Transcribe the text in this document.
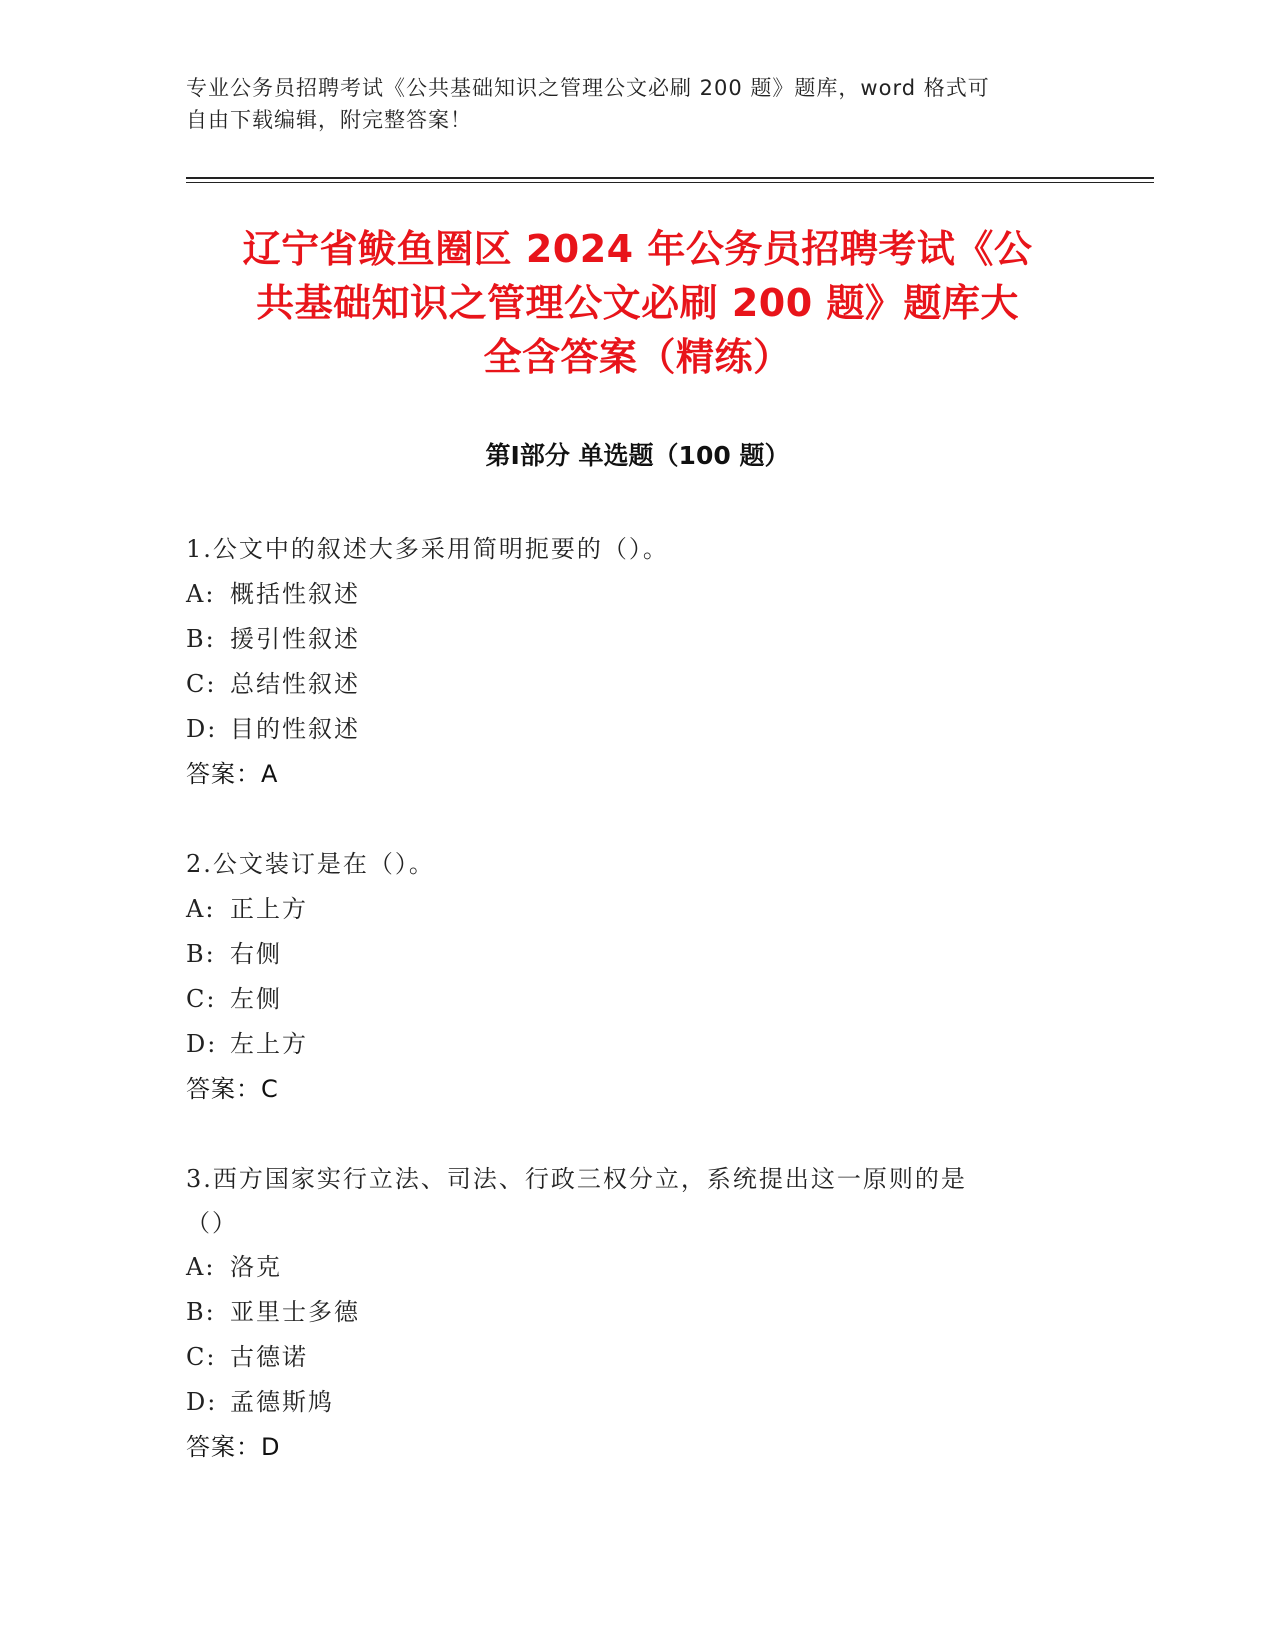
专业公务员招聘考试《公共基础知识之管理公文必刷 200 题》题库，word 格式可
自由下载编辑，附完整答案！
辽宁省鲅鱼圈区 2024 年公务员招聘考试《公
共基础知识之管理公文必刷 200 题》题库大
全含答案（精练）
第Ⅰ部分 单选题（100 题）

1.公文中的叙述大多采用简明扼要的（）。

A: 概括性叙述

B: 援引性叙述

C: 总结性叙述

D: 目的性叙述

答案：A

2.公文装订是在（）。

A: 正上方

B: 右侧

C: 左侧

D: 左上方

答案：C

3.西方国家实行立法、司法、行政三权分立，系统提出这一原则的是

（）

A: 洛克

B: 亚里士多德

C: 古德诺

D: 孟德斯鸠

答案：D
